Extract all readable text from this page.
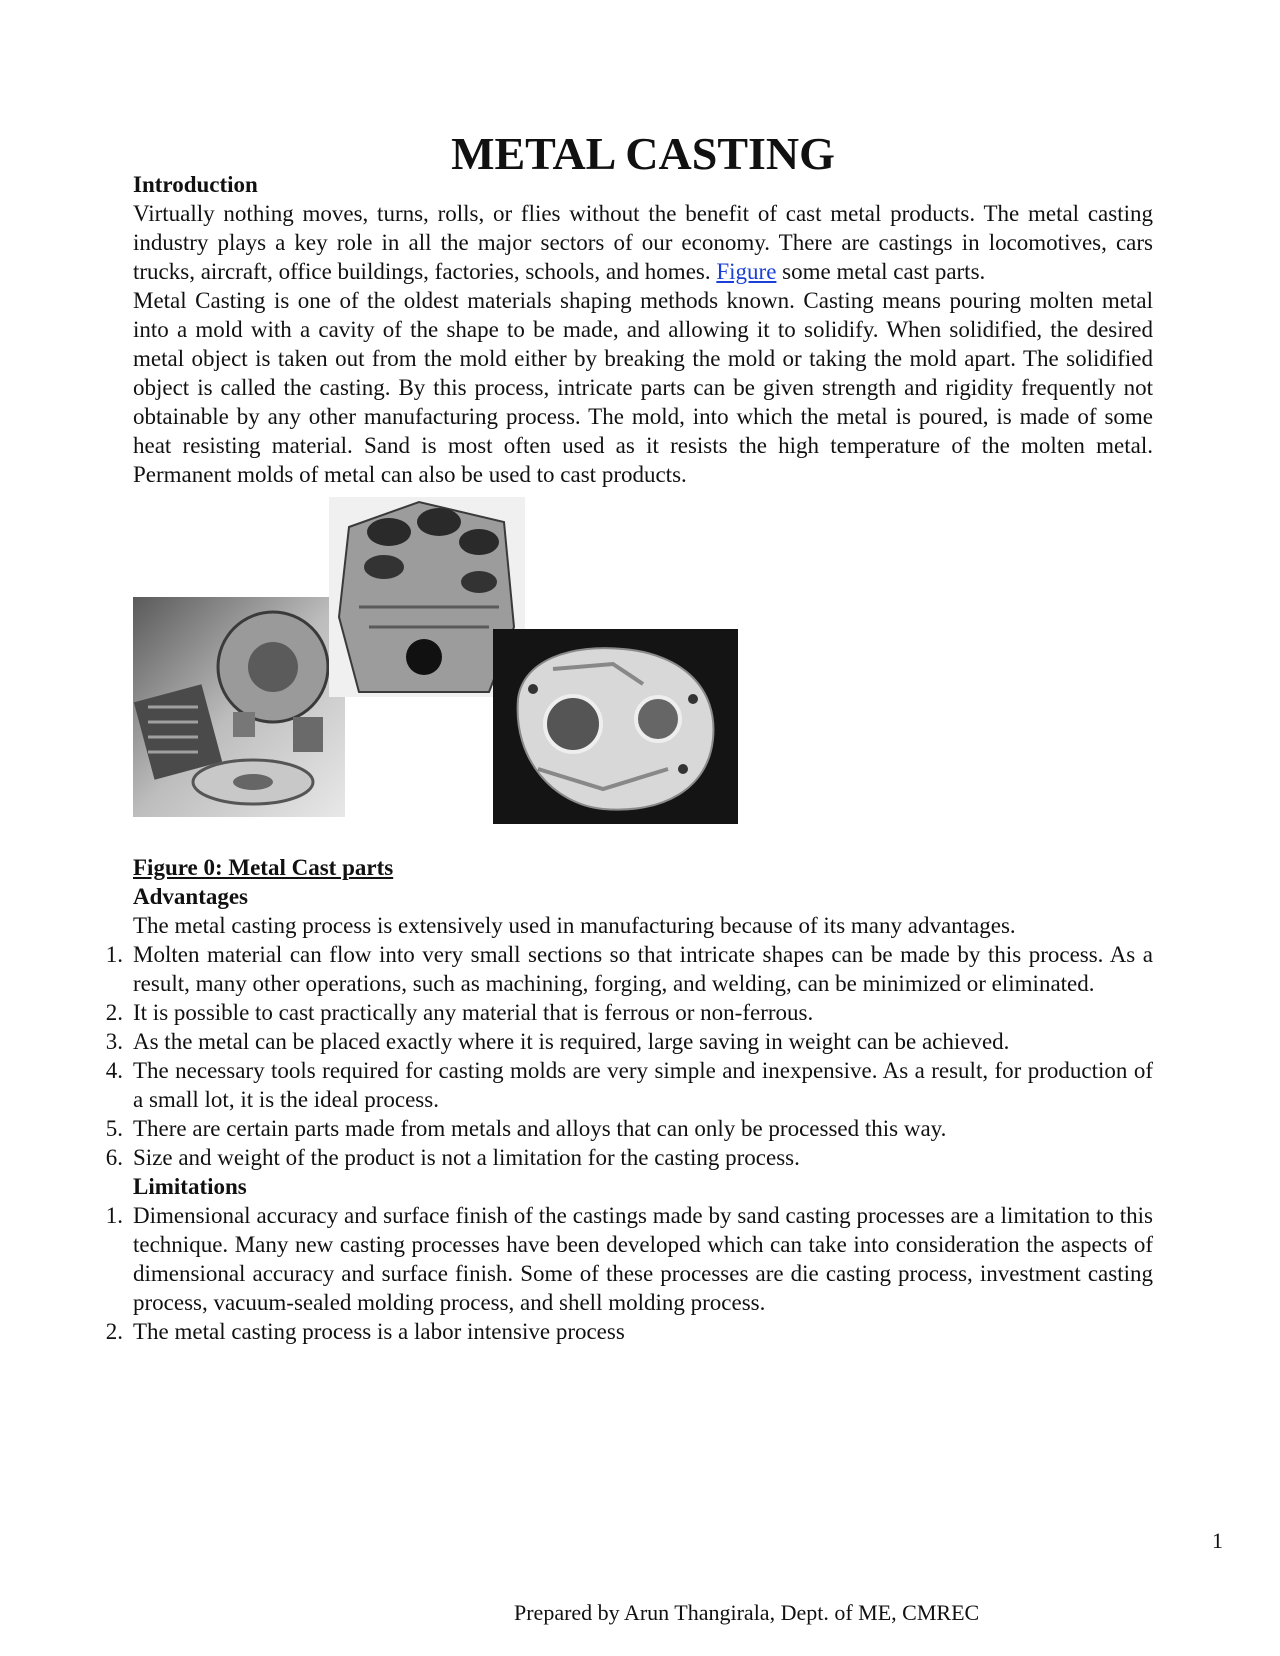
METAL CASTING

Introduction

Virtually nothing moves, turns, rolls, or flies without the benefit of cast metal products. The metal casting industry plays a key role in all the major sectors of our economy. There are castings in locomotives, cars trucks, aircraft, office buildings, factories, schools, and homes. Figure some metal cast parts.

Metal Casting is one of the oldest materials shaping methods known. Casting means pouring molten metal into a mold with a cavity of the shape to be made, and allowing it to solidify. When solidified, the desired metal object is taken out from the mold either by breaking the mold or taking the mold apart. The solidified object is called the casting. By this process, intricate parts can be given strength and rigidity frequently not obtainable by any other manufacturing process. The mold, into which the metal is poured, is made of some heat resisting material. Sand is most often used as it resists the high temperature of the molten metal. Permanent molds of metal can also be used to cast products.

Figure 0: Metal Cast parts

Advantages

The metal casting process is extensively used in manufacturing because of its many advantages.

1. Molten material can flow into very small sections so that intricate shapes can be made by this process. As a result, many other operations, such as machining, forging, and welding, can be minimized or eliminated.
2. It is possible to cast practically any material that is ferrous or non-ferrous.
3. As the metal can be placed exactly where it is required, large saving in weight can be achieved.
4. The necessary tools required for casting molds are very simple and inexpensive. As a result, for production of a small lot, it is the ideal process.
5. There are certain parts made from metals and alloys that can only be processed this way.
6. Size and weight of the product is not a limitation for the casting process.

Limitations

1. Dimensional accuracy and surface finish of the castings made by sand casting processes are a limitation to this technique. Many new casting processes have been developed which can take into consideration the aspects of dimensional accuracy and surface finish. Some of these processes are die casting process, investment casting process, vacuum-sealed molding process, and shell molding process.
2. The metal casting process is a labor intensive process
1
Prepared by Arun Thangirala, Dept. of ME, CMREC
